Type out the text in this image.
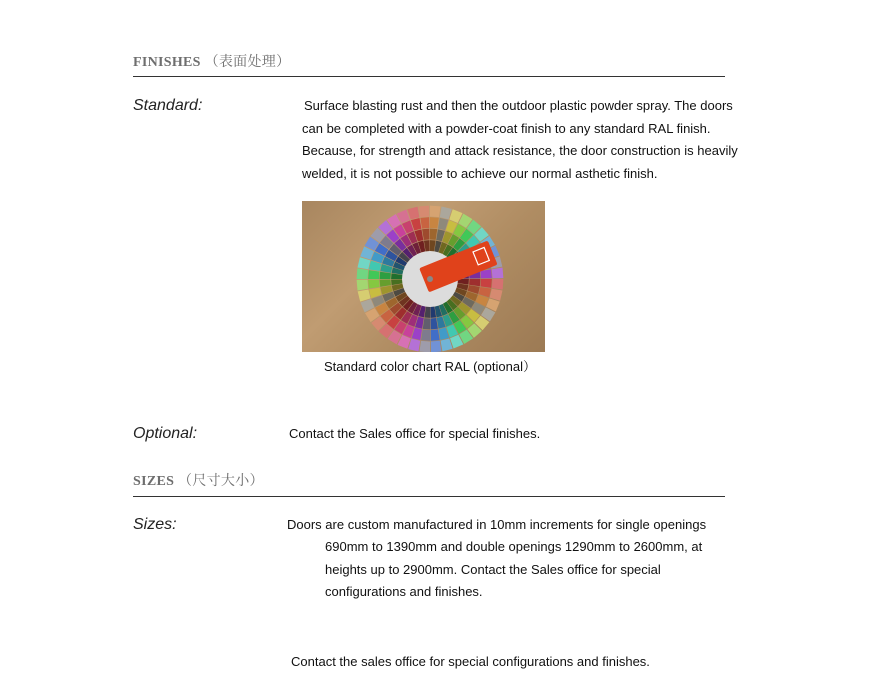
FINISHES （表面处理）
Standard:	Surface blasting rust and then the outdoor plastic powder spray. The doors
can be completed with a powder-coat finish to any standard RAL finish.
Because, for strength and attack resistance, the door construction is heavily
welded, it is not possible to achieve our normal asthetic finish.
Standard color chart RAL (optional）
Optional:	Contact the Sales office for special finishes.
SIZES （尺寸大小）
Sizes:	Doors are custom manufactured in 10mm increments for single openings
690mm to 1390mm and double openings 1290mm to 2600mm, at
heights up to 2900mm. Contact the Sales office for special
configurations and finishes.
Contact the sales office for special configurations and finishes.
